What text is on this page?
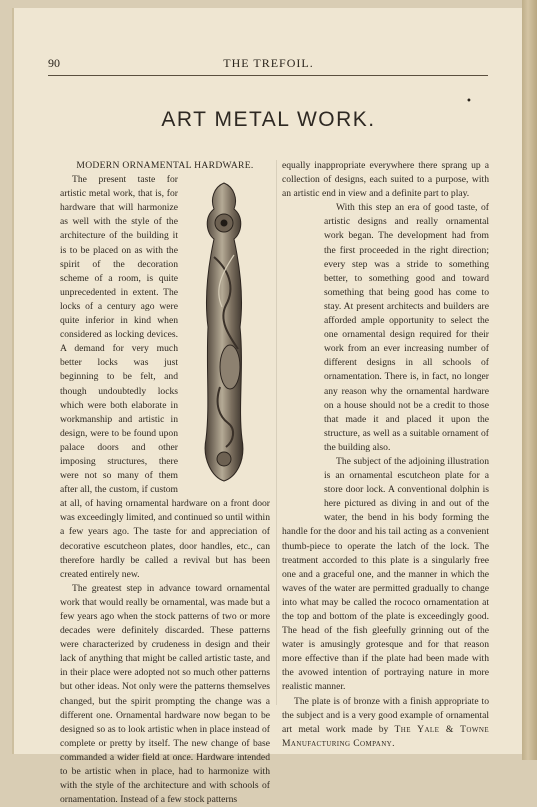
90	THE TREFOIL.
•
ART METAL WORK.

MODERN ORNAMENTAL HARDWARE.

The present taste for artistic metal work, that is, for hardware that will harmonize as well with the style of the architecture of the building it is to be placed on as with the spirit of the decoration scheme of a room, is quite unprecedented in extent. The locks of a century ago were quite inferior in kind when considered as locking devices. A demand for very much better locks was just beginning to be felt, and though undoubtedly locks which were both elaborate in workmanship and artistic in design, were to be found upon palace doors and other imposing structures, there were not so many of them after all, the custom, if custom at all, of having ornamental hardware on a front door was exceedingly limited, and continued so until within a few years ago. The taste for and appreciation of decorative escutcheon plates, door handles, etc., can therefore hardly be called a revival but has been created entirely new.

The greatest step in advance toward ornamental work that would really be ornamental, was made but a few years ago when the stock patterns of two or more decades were definitely discarded. These patterns were characterized by crudeness in design and their lack of anything that might be called artistic taste, and in their place were adopted not so much other patterns but other ideas. Not only were the patterns themselves changed, but the spirit prompting the change was a different one. Ornamental hardware now began to be designed so as to look artistic when in place instead of complete or pretty by itself. The new change of base commanded a wider field at once. Hardware intended to be artistic when in place, had to harmonize with with the style of the architecture and with schools of ornamentation. Instead of a few stock patterns

equally inappropriate everywhere there sprang up a collection of designs, each suited to a purpose, with an artistic end in view and a definite part to play.

With this step an era of good taste, of artistic designs and really ornamental work began. The development had from the first proceeded in the right direction; every step was a stride to something better, to something good and toward something that being good has come to stay. At present architects and builders are afforded ample opportunity to select the one ornamental design required for their work from an ever increasing number of different designs in all schools of ornamentation. There is, in fact, no longer any reason why the ornamental hardware on a house should not be a credit to those that made it and placed it upon the structure, as well as a suitable ornament of the building also.

The subject of the adjoining illustration is an ornamental escutcheon plate for a store door lock. A conventional dolphin is here pictured as diving in and out of the water, the bend in his body forming the handle for the door and his tail acting as a convenient thumb-piece to operate the latch of the lock. The treatment accorded to this plate is a singularly free one and a graceful one, and the manner in which the waves of the water are permitted gradually to change into what may be called the rococo ornamentation at the top and bottom of the plate is exceedingly good. The head of the fish gleefully grinning out of the water is amusingly grotesque and for that reason more effective than if the plate had been made with the avowed intention of portraying nature in more realistic manner.

The plate is of bronze with a finish appropriate to the subject and is a very good example of ornamental art metal work made by The Yale & Towne Manufacturing Company.
